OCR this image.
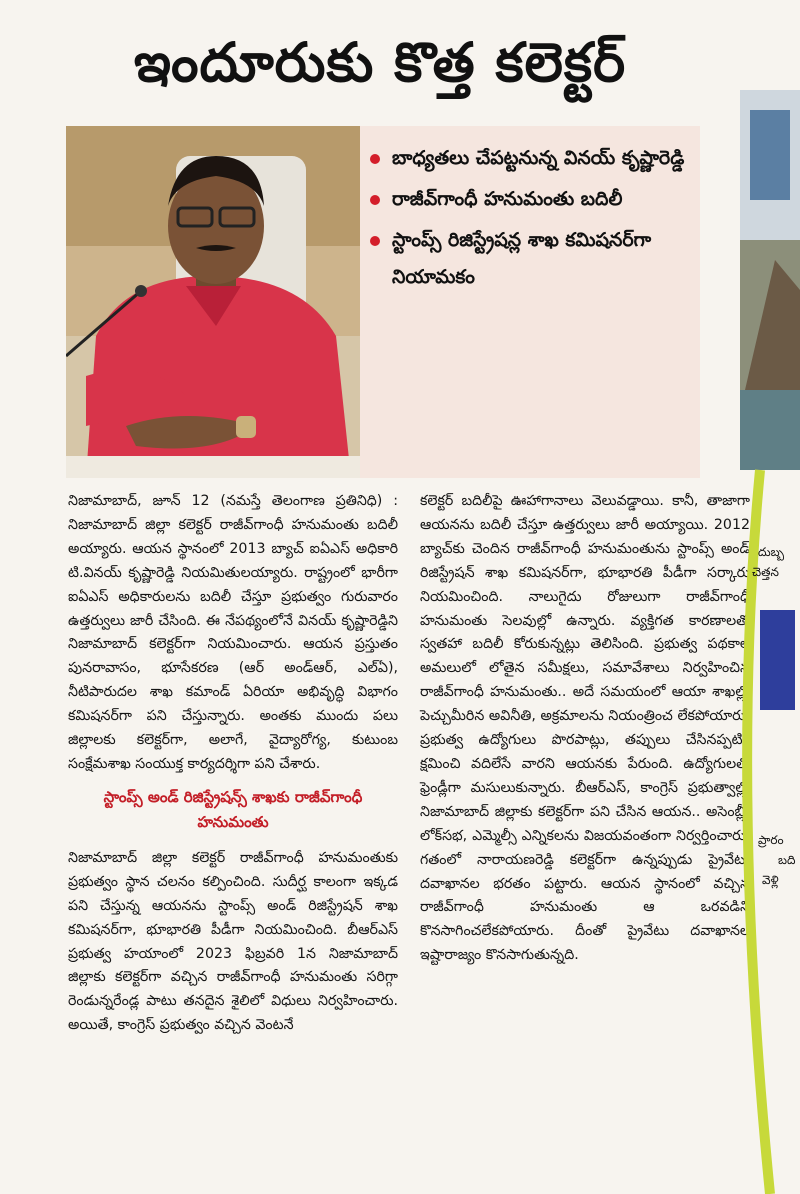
ఇందూరుకు కొత్త కలెక్టర్
బాధ్యతలు చేపట్టనున్న వినయ్ కృష్ణారెడ్డి
రాజీవ్‌గాంధీ హనుమంతు బదిలీ
స్టాంప్స్ రిజిస్ట్రేషన్ల శాఖ కమిషనర్‌గా నియామకం

నిజామాబాద్, జూన్ 12 (నమస్తే తెలంగాణ ప్రతినిధి) : నిజామాబాద్ జిల్లా కలెక్టర్ రాజీవ్‌గాంధీ హనుమంతు బదిలీ అయ్యారు. ఆయన స్థానంలో 2013 బ్యాచ్ ఐఏఎస్ అధికారి టి.వినయ్ కృష్ణారెడ్డి నియమితులయ్యారు. రాష్ట్రంలో భారీగా ఐఏఎస్ అధికారులను బదిలీ చేస్తూ ప్రభుత్వం గురువారం ఉత్తర్వులు జారీ చేసింది. ఈ నేపథ్యంలోనే వినయ్ కృష్ణారెడ్డిని నిజామాబాద్ కలెక్టర్‌గా నియమించారు. ఆయన ప్రస్తుతం పునరావాసం, భూసేకరణ (ఆర్ అండ్‌ఆర్, ఎల్ఏ), నీటిపారుదల శాఖ కమాండ్ ఏరియా అభివృద్ధి విభాగం కమిషనర్‌గా పని చేస్తున్నారు. అంతకు ముందు పలు జిల్లాలకు కలెక్టర్‌గా, అలాగే, వైద్యారోగ్య, కుటుంబ సంక్షేమశాఖ సంయుక్త కార్యదర్శిగా పని చేశారు.

స్టాంప్స్ అండ్ రిజిస్ట్రేషన్స్ శాఖకు రాజీవ్‌గాంధీ హనుమంతు

నిజామాబాద్ జిల్లా కలెక్టర్ రాజీవ్‌గాంధీ హనుమంతుకు ప్రభుత్వం స్థాన చలనం కల్పించింది. సుదీర్ఘ కాలంగా ఇక్కడ పని చేస్తున్న ఆయనను స్టాంప్స్ అండ్ రిజిస్ట్రేషన్ శాఖ కమిషనర్‌గా, భూభారతి పీడీగా నియమించింది. బీఆర్ఎస్ ప్రభుత్వ హయాంలో 2023 ఫిబ్రవరి 1న నిజామాబాద్ జిల్లాకు కలెక్టర్‌గా వచ్చిన రాజీవ్‌గాంధీ హనుమంతు సరిగ్గా రెండున్నరేండ్ల పాటు తనదైన శైలిలో విధులు నిర్వహించారు. అయితే, కాంగ్రెస్ ప్రభుత్వం వచ్చిన వెంటనే

కలెక్టర్ బదిలీపై ఊహాగానాలు వెలువడ్డాయి. కానీ, తాజాగా ఆయనను బదిలీ చేస్తూ ఉత్తర్వులు జారీ అయ్యాయి. 2012 బ్యాచ్‌కు చెందిన రాజీవ్‌గాంధీ హనుమంతును స్టాంప్స్ అండ్ రిజిస్ట్రేషన్ శాఖ కమిషనర్‌గా, భూభారతి పీడీగా సర్కారు నియమించింది. నాలుగైదు రోజులుగా రాజీవ్‌గాంధీ హనుమంతు సెలవుల్లో ఉన్నారు. వ్యక్తిగత కారణాలతో స్వతహా బదిలీ కోరుకున్నట్లు తెలిసింది. ప్రభుత్వ పథకాల అమలులో లోతైన సమీక్షలు, సమావేశాలు నిర్వహించిన రాజీవ్‌గాంధీ హనుమంతు.. అదే సమయంలో ఆయా శాఖల్లో పెచ్చుమీరిన అవినీతి, అక్రమాలను నియంత్రించ లేకపోయారు. ప్రభుత్వ ఉద్యోగులు పొరపాట్లు, తప్పులు చేసినప్పటికీ క్షమించి వదిలేసే వారని ఆయనకు పేరుంది. ఉద్యోగులతో ఫ్రెండ్లీగా మసులుకున్నారు. బీఆర్ఎస్, కాంగ్రెస్ ప్రభుత్వాల్లో నిజామాబాద్ జిల్లాకు కలెక్టర్‌గా పని చేసిన ఆయన.. అసెంబ్లీ, లోక్‌సభ, ఎమ్మెల్సీ ఎన్నికలను విజయవంతంగా నిర్వర్తించారు. గతంలో నారాయణరెడ్డి కలెక్టర్‌గా ఉన్నప్పుడు ప్రైవేటు దవాఖానల భరతం పట్టారు. ఆయన స్థానంలో వచ్చిన రాజీవ్‌గాంధీ హనుమంతు ఆ ఒరవడిని కొనసాగించలేకపోయారు. దీంతో ప్రైవేటు దవాఖానల ఇష్టారాజ్యం కొనసాగుతున్నది.

దుబ్బ
చెత్తన
ప్రారం
బది
వెళ్లి
